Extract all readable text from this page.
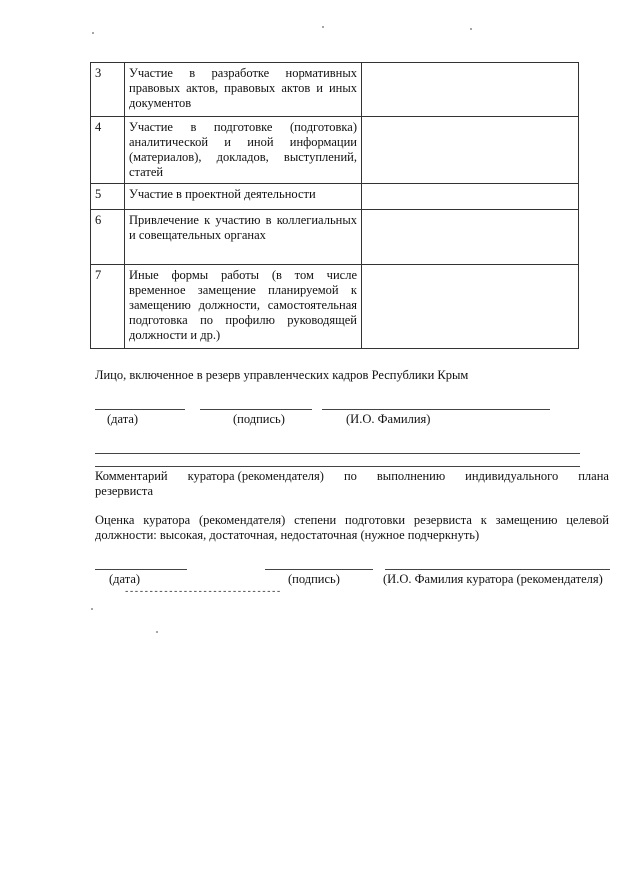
3	Участие в разработке нормативных правовых актов, правовых актов и иных документов	
4	Участие в подготовке (подготовка) аналитической и иной информации (материалов), докладов, выступлений, статей	
5	Участие в проектной деятельности	
6	Привлечение к участию в коллегиальных и совещательных органах	
7	Иные формы работы (в том числе временное замещение планируемой к замещению должности, самостоятельная подготовка по профилю руководящей должности и др.)	
Лицо, включенное в резерв управленческих кадров Республики Крым
(дата)	(подпись)	(И.О. Фамилия)
Комментарий куратора (рекомендателя) по выполнению индивидуального плана
резервиста
Оценка куратора (рекомендателя) степени подготовки резервиста к замещению целевой
должности: высокая, достаточная, недостаточная (нужное подчеркнуть)
(дата)	(подпись)	(И.О. Фамилия куратора (рекомендателя)
--------------------------------
